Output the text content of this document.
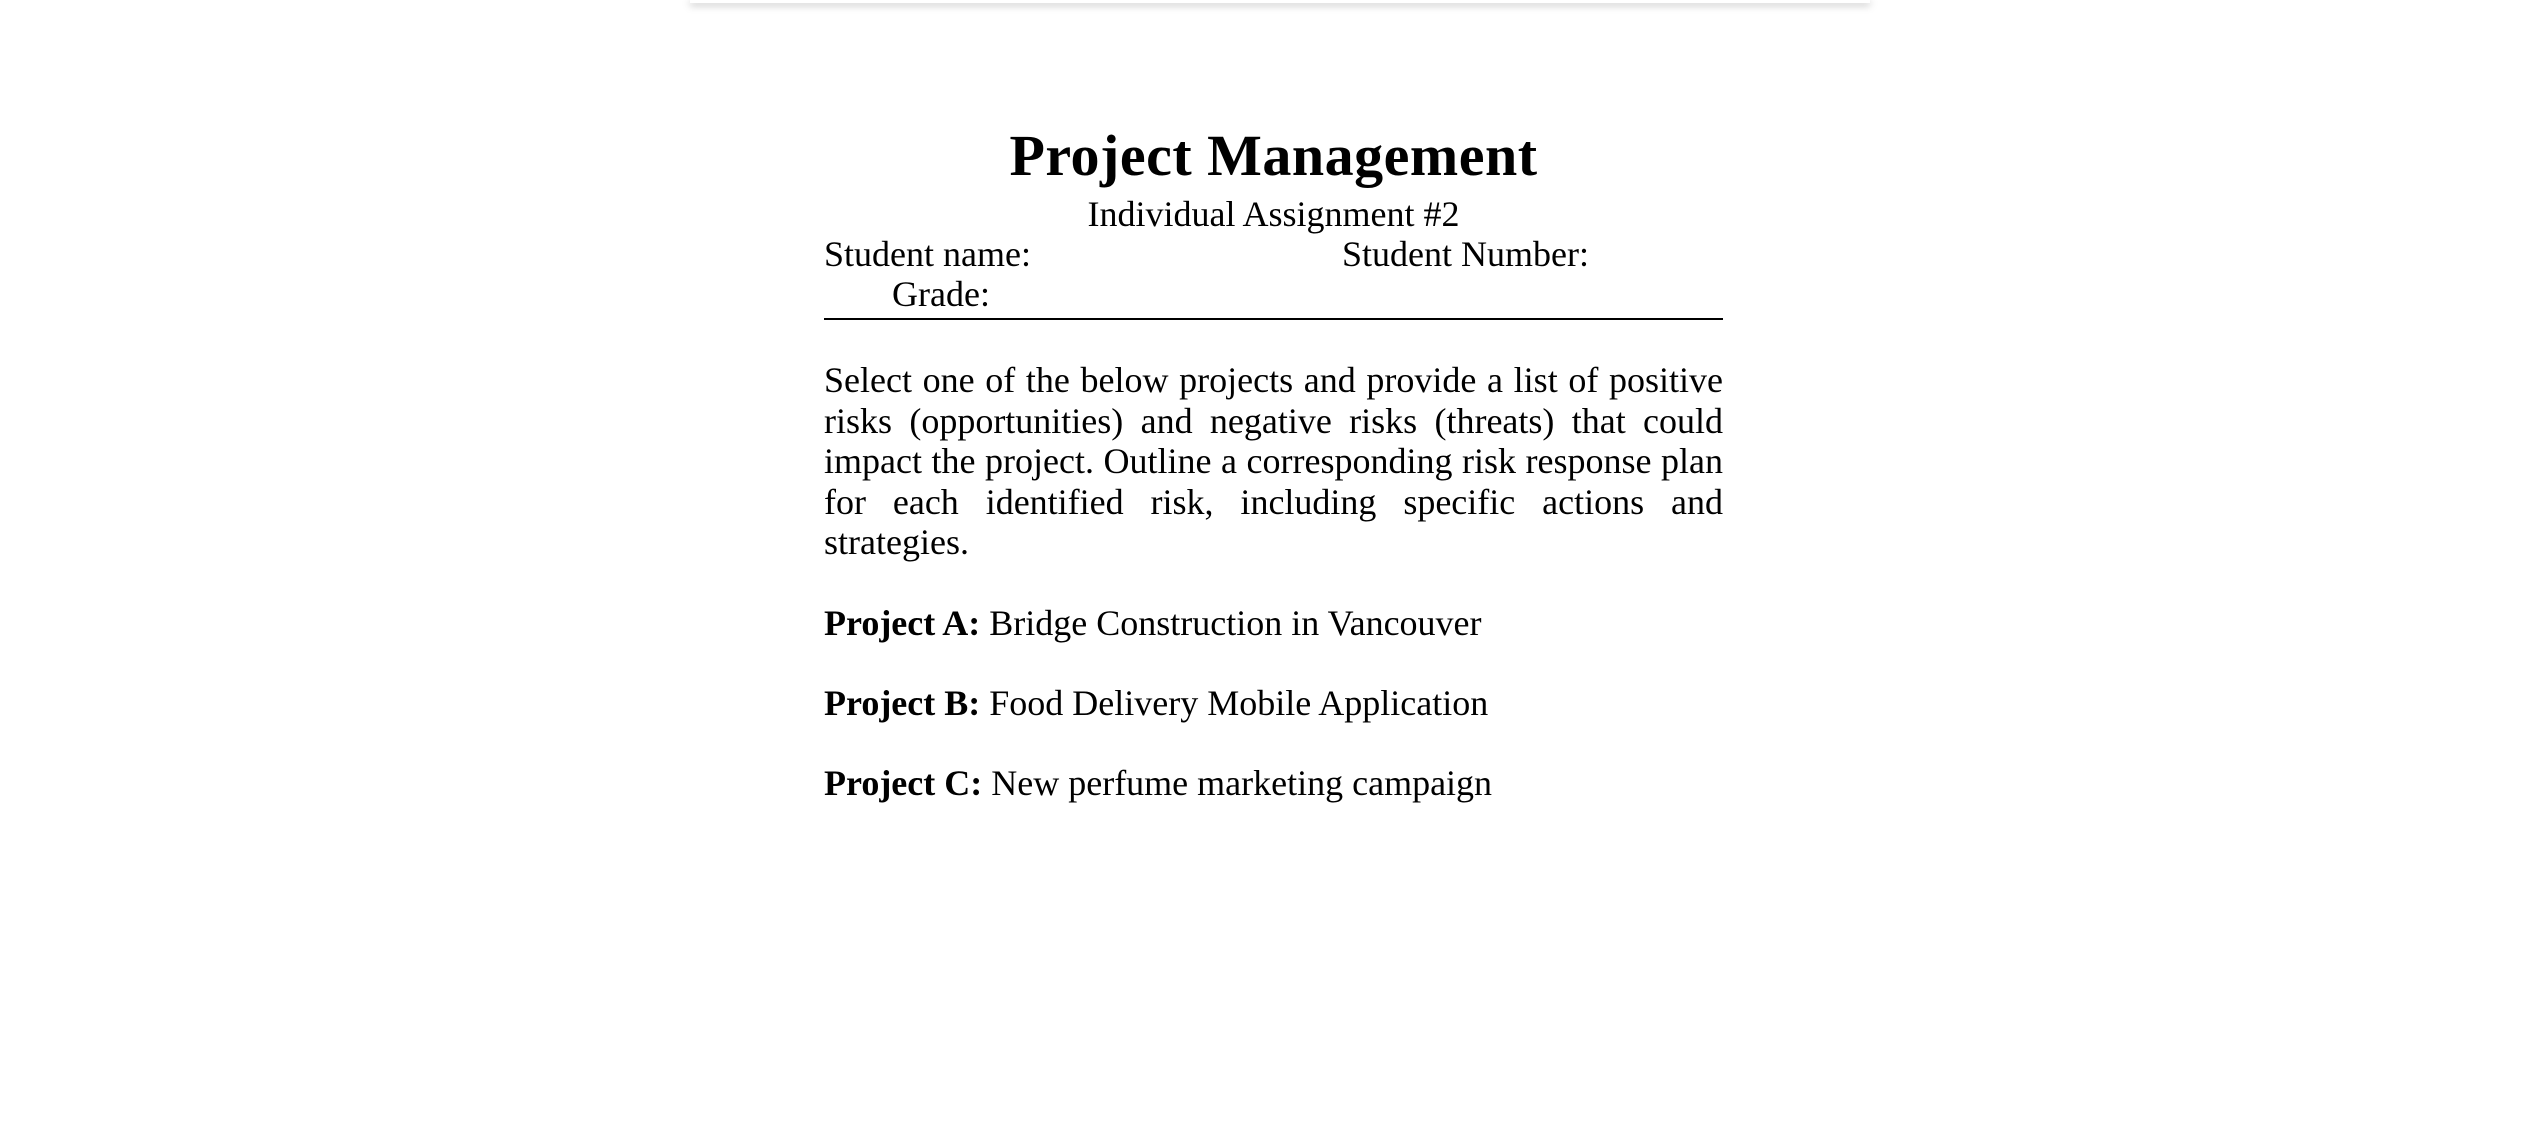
Project Management

Individual Assignment #2

Student name:	Student Number:
Grade:

Select one of the below projects and provide a list of positive risks (opportunities) and negative risks (threats) that could impact the project. Outline a corresponding risk response plan for each identified risk, including specific actions and strategies.

Project A: Bridge Construction in Vancouver

Project B: Food Delivery Mobile Application

Project C: New perfume marketing campaign
